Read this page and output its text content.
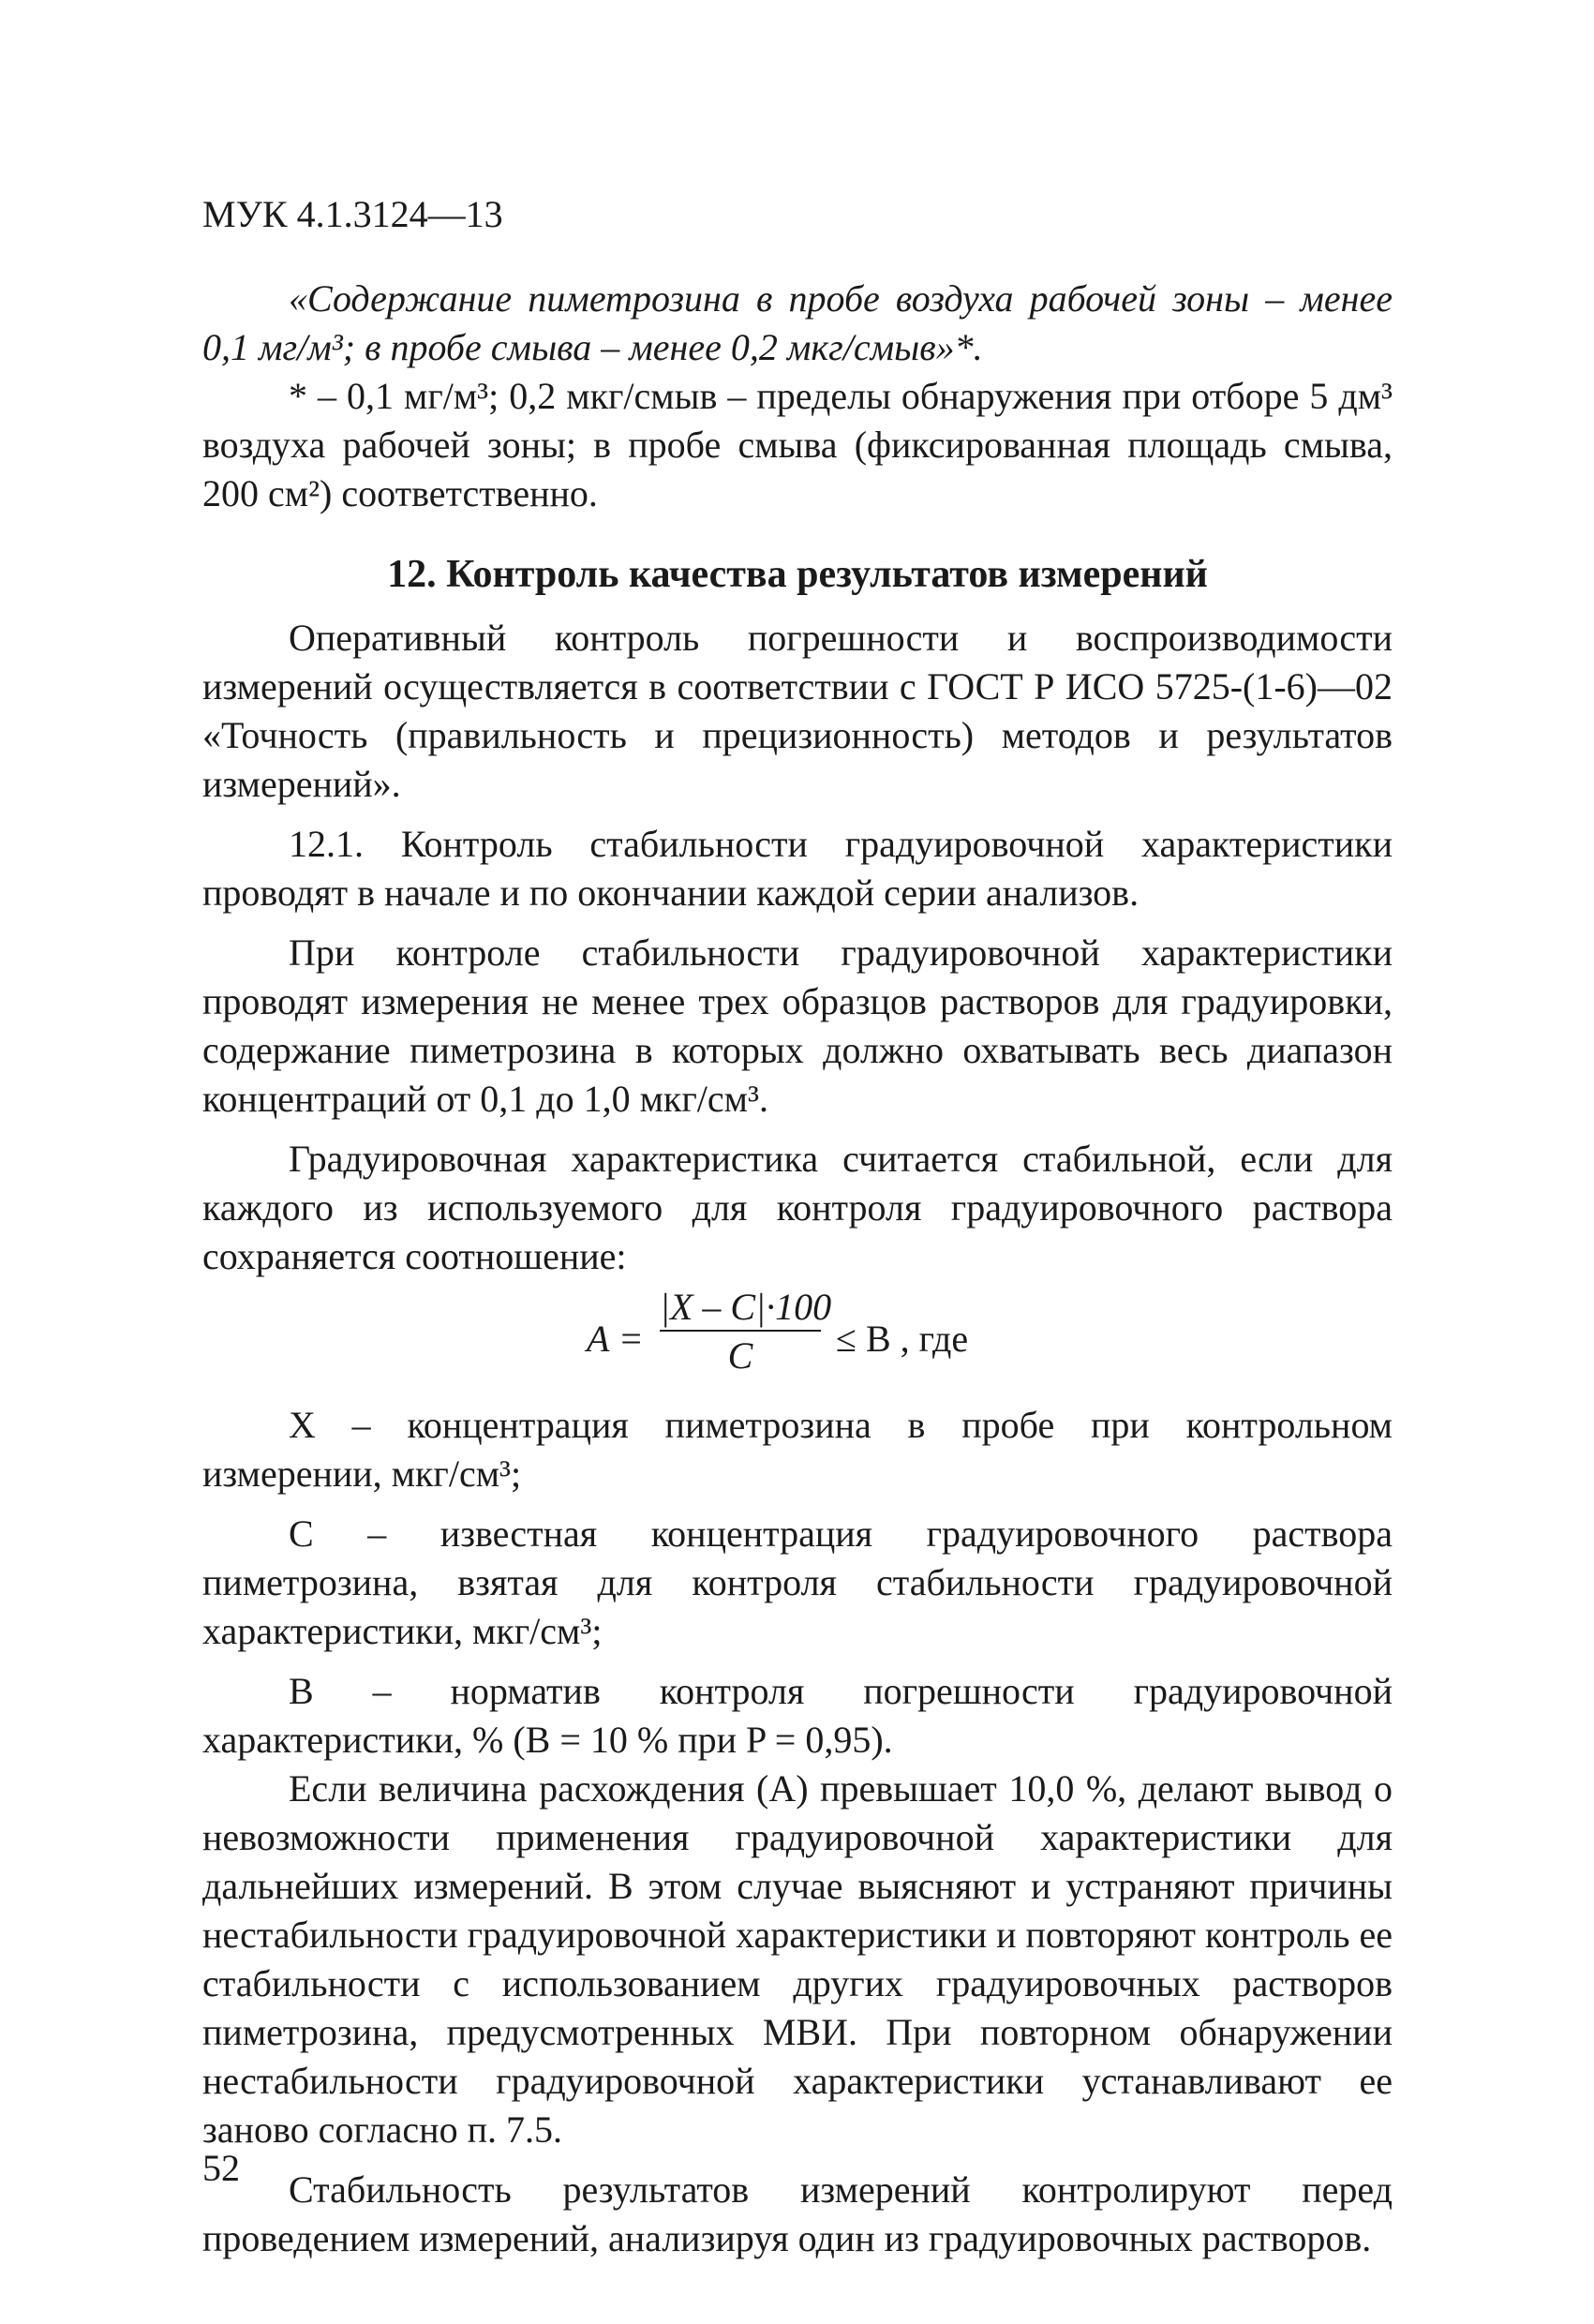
МУК 4.1.3124—13

«Содержание пиметрозина в пробе воздуха рабочей зоны – менее 0,1 мг/м³; в пробе смыва – менее 0,2 мкг/смыв»*.

* – 0,1 мг/м³; 0,2 мкг/смыв – пределы обнаружения при отборе 5 дм³ воздуха рабочей зоны; в пробе смыва (фиксированная площадь смыва, 200 см²) соответственно.

12. Контроль качества результатов измерений

Оперативный контроль погрешности и воспроизводимости измерений осуществляется в соответствии с ГОСТ Р ИСО 5725-(1-6)—02 «Точность (правильность и прецизионность) методов и результатов измерений».

12.1. Контроль стабильности градуировочной характеристики проводят в начале и по окончании каждой серии анализов.

При контроле стабильности градуировочной характеристики проводят измерения не менее трех образцов растворов для градуировки, содержание пиметрозина в которых должно охватывать весь диапазон концентраций от 0,1 до 1,0 мкг/см³.

Градуировочная характеристика считается стабильной, если для каждого из используемого для контроля градуировочного раствора сохраняется соотношение:

A =
|X – C|·100
C	≤ B , где

X – концентрация пиметрозина в пробе при контрольном измерении, мкг/см³;

C – известная концентрация градуировочного раствора пиметрозина, взятая для контроля стабильности градуировочной характеристики, мкг/см³;

B – норматив контроля погрешности градуировочной характеристики, % (B = 10 % при P = 0,95).

Если величина расхождения (A) превышает 10,0 %, делают вывод о невозможности применения градуировочной характеристики для дальнейших измерений. В этом случае выясняют и устраняют причины нестабильности градуировочной характеристики и повторяют контроль ее стабильности с использованием других градуировочных растворов пиметрозина, предусмотренных МВИ. При повторном обнаружении нестабильности градуировочной характеристики устанавливают ее заново согласно п. 7.5.

Стабильность результатов измерений контролируют перед проведением измерений, анализируя один из градуировочных растворов.

52
